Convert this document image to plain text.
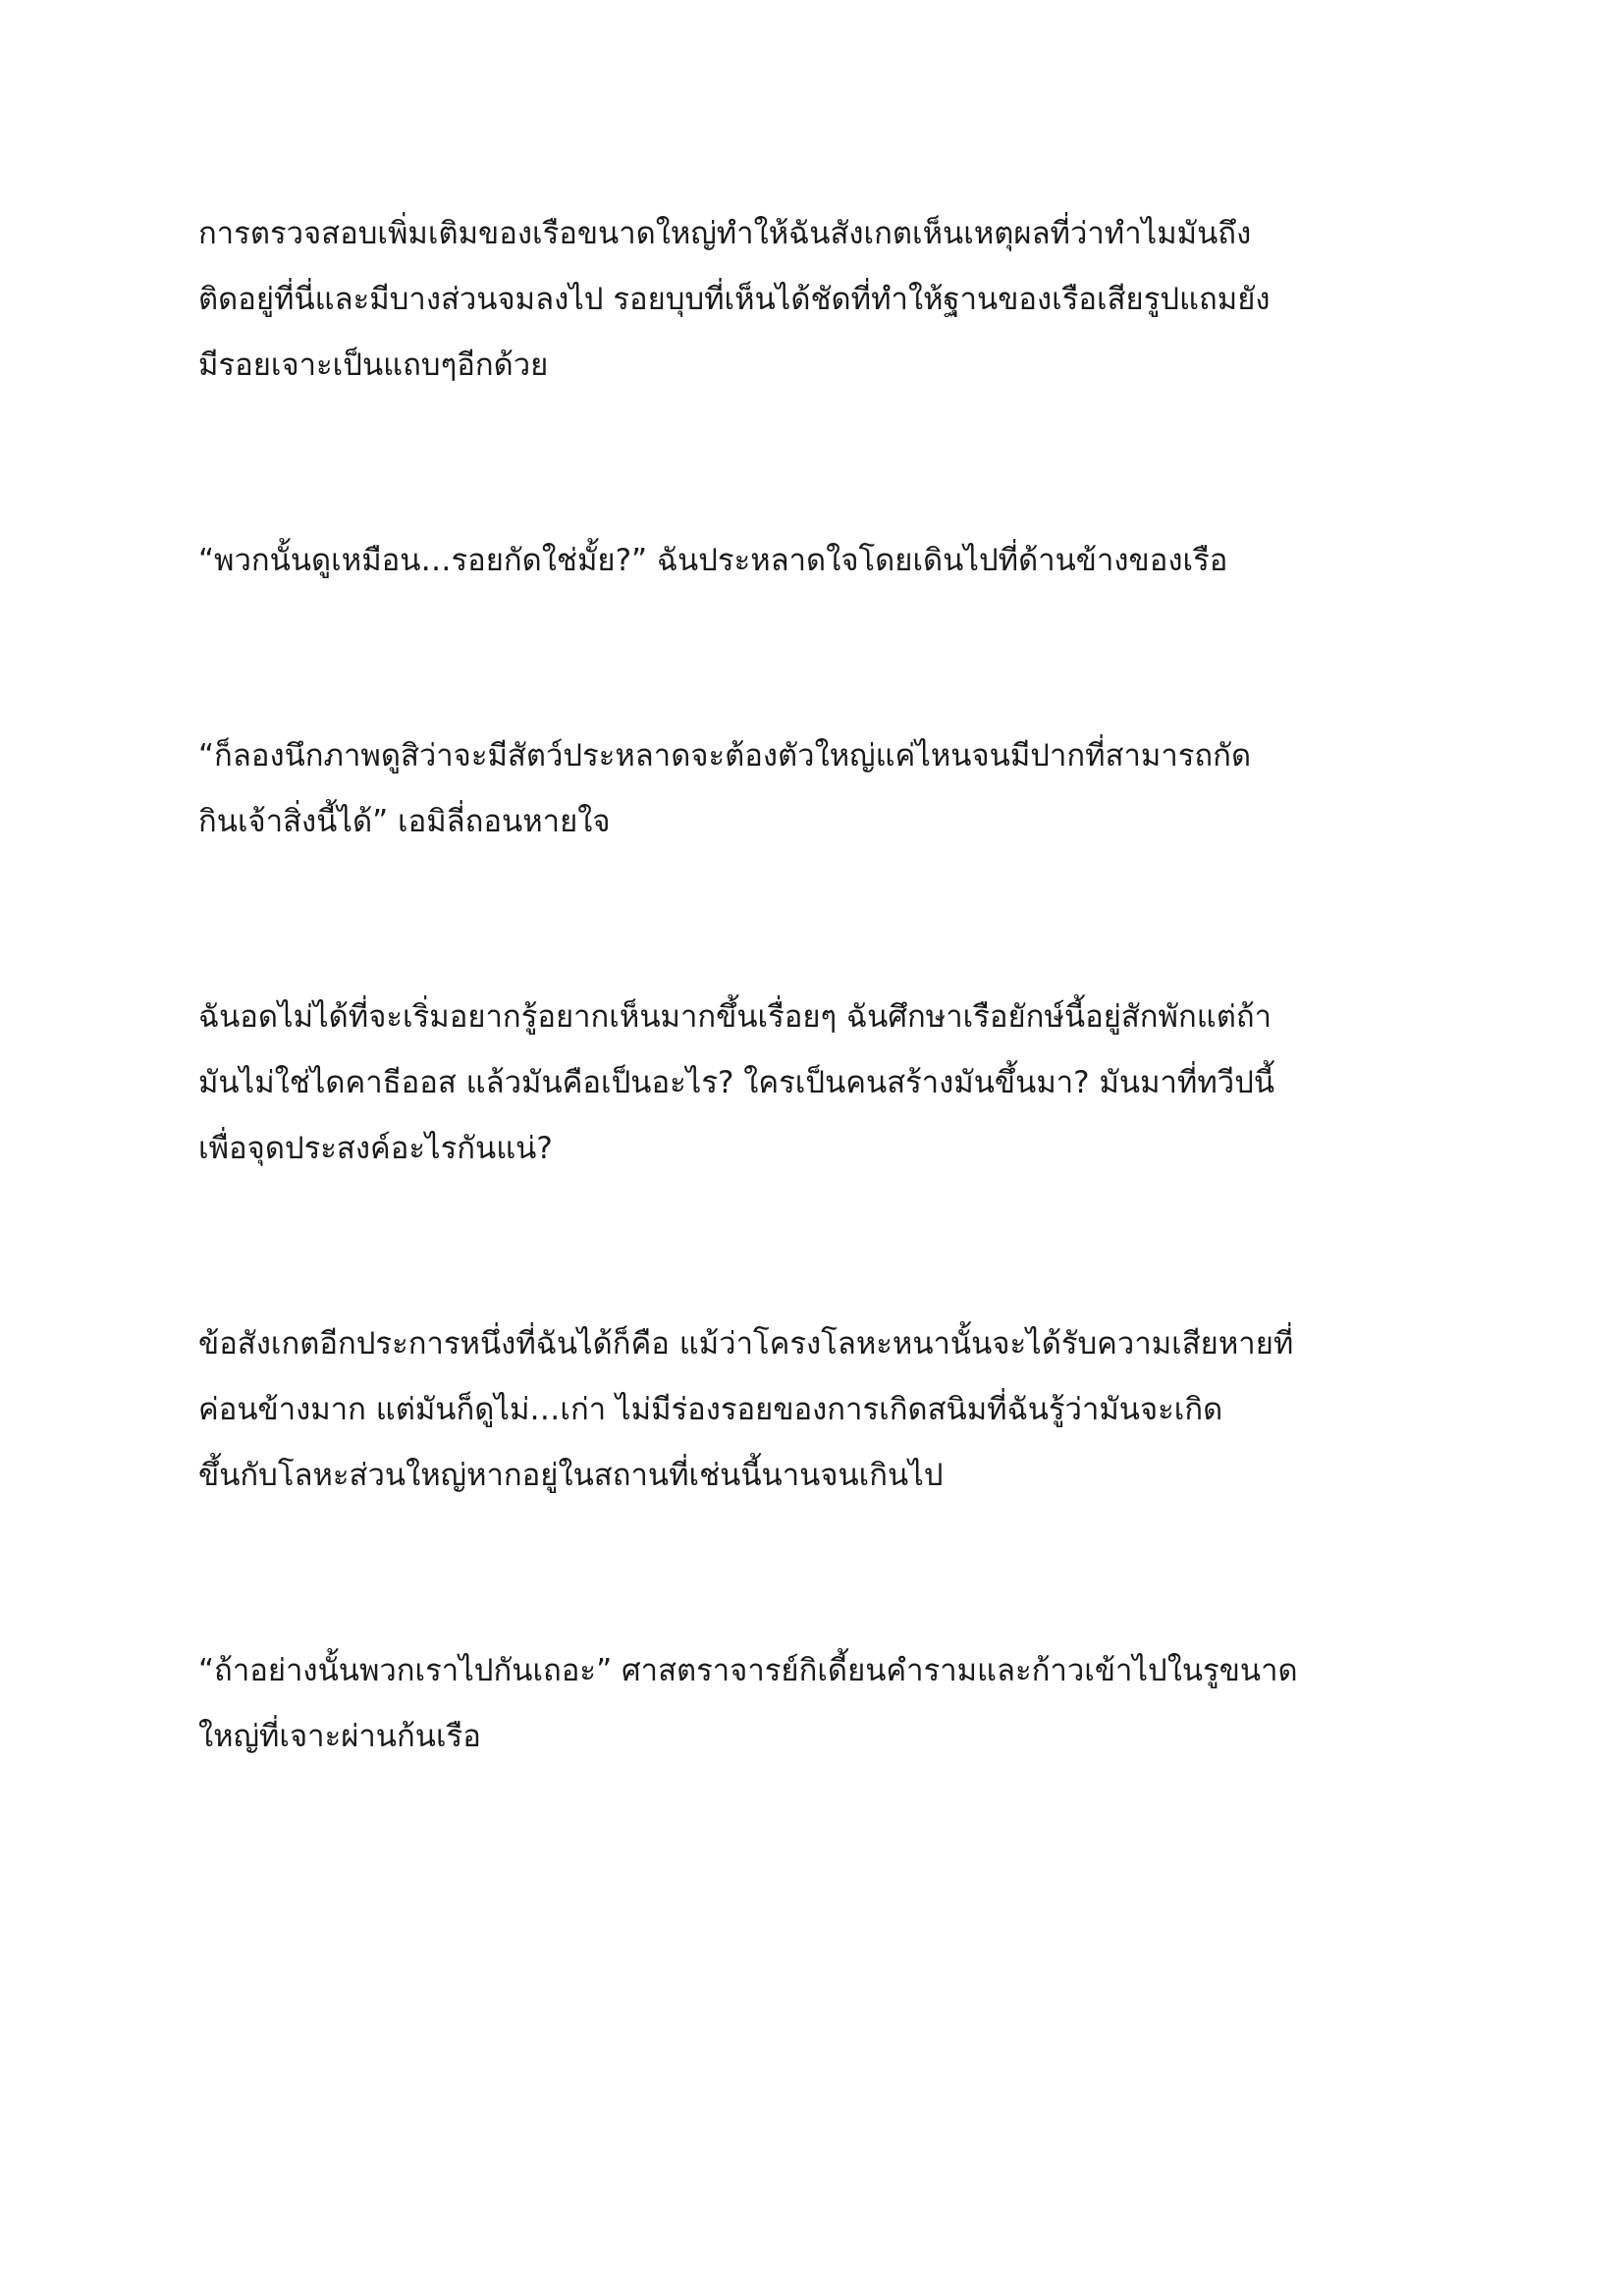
การตรวจสอบเพิ่มเติมของเรือขนาดใหญ่ทำให้ฉันสังเกตเห็นเหตุผลที่ว่าทำไมมันถึง
ติดอยู่ที่นี่และมีบางส่วนจมลงไป รอยบุบที่เห็นได้ชัดที่ทำให้ฐานของเรือเสียรูปแถมยัง
มีรอยเจาะเป็นแถบๆอีกด้วย

“พวกนั้นดูเหมือน…รอยกัดใช่มั้ย?” ฉันประหลาดใจโดยเดินไปที่ด้านข้างของเรือ

“ก็ลองนึกภาพดูสิว่าจะมีสัตว์ประหลาดจะต้องตัวใหญ่แค่ไหนจนมีปากที่สามารถกัด
กินเจ้าสิ่งนี้ได้” เอมิลี่ถอนหายใจ

ฉันอดไม่ได้ที่จะเริ่มอยากรู้อยากเห็นมากขึ้นเรื่อยๆ ฉันศึกษาเรือยักษ์นี้อยู่สักพักแต่ถ้า
มันไม่ใช่ไดคาธีออส แล้วมันคือเป็นอะไร? ใครเป็นคนสร้างมันขึ้นมา? มันมาที่ทวีปนี้
เพื่อจุดประสงค์อะไรกันแน่?

ข้อสังเกตอีกประการหนึ่งที่ฉันได้ก็คือ แม้ว่าโครงโลหะหนานั้นจะได้รับความเสียหายที่
ค่อนข้างมาก แต่มันก็ดูไม่…เก่า ไม่มีร่องรอยของการเกิดสนิมที่ฉันรู้ว่ามันจะเกิด
ขึ้นกับโลหะส่วนใหญ่หากอยู่ในสถานที่เช่นนี้นานจนเกินไป

“ถ้าอย่างนั้นพวกเราไปกันเถอะ” ศาสตราจารย์กิเดี้ยนคำรามและก้าวเข้าไปในรูขนาด
ใหญ่ที่เจาะผ่านก้นเรือ
